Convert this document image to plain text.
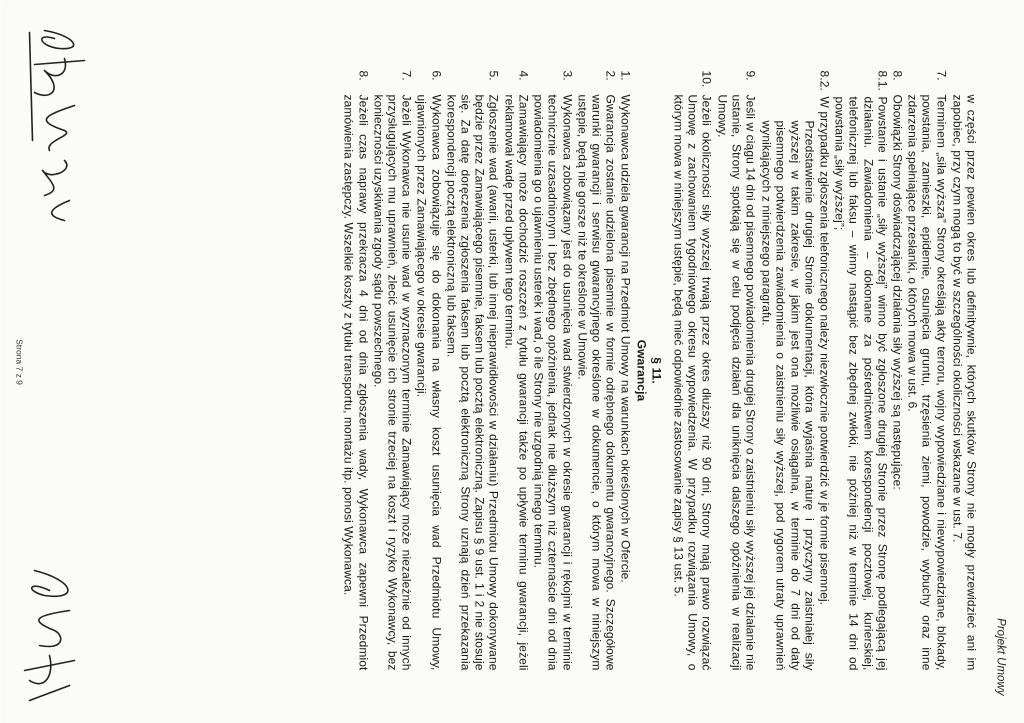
Projekt Umowy

w części przez pewien okres lub definitywnie, których skutków Strony nie mogły przewidzieć ani im zapobiec, przy czym mogą to być w szczególności okoliczności wskazane w ust. 7.

7.
Terminem „siła wyższa” Strony określają akty terroru, wojny wypowiedziane i niewypowiedziane, blokady, powstania, zamieszki, epidemie, osunięcia gruntu, trzęsienia ziemi, powodzie, wybuchy oraz inne zdarzenia spełniające przesłanki, o których mowa w ust. 6.
8.
Obowiązki Strony doświadczającej działania siły wyższej są następujące:
8.1.
Powstanie i ustanie „siły wyższej” winno być zgłoszone drugiej Stronie przez Stronę podlegającą jej działaniu. Zawiadomienia – dokonane za pośrednictwem korespondencji pocztowej, kurierskiej, telefonicznej lub faksu – winny nastąpić bez zbędnej zwłoki, nie później niż w terminie 14 dni od powstania „siły wyższej”;
8.2.
W przypadku zgłoszenia telefonicznego należy niezwłocznie potwierdzić w je formie pisemnej.

Przedstawienie drugiej Stronie dokumentacji, która wyjaśnia naturę i przyczyny zaistniałej siły wyższej w takim zakresie, w jakim jest ona możliwie osiągalna, w terminie do 7 dni od daty pisemnego potwierdzenia zawiadomienia o zaistnieniu siły wyższej, pod rygorem utraty uprawnień wynikających z niniejszego paragrafu.

9.
Jeśli w ciągu 14 dni od pisemnego powiadomienia drugiej Strony o zaistnieniu siły wyższej jej działanie nie ustanie, Strony spotkają się w celu podjęcia działań dla uniknięcia dalszego opóźnienia w realizacji Umowy.
10.
Jeżeli okoliczności siły wyższej trwają przez okres dłuższy niż 90 dni, Strony mają prawo rozwiązać Umowę z zachowaniem tygodniowego okresu wypowiedzenia. W przypadku rozwiązania Umowy, o którym mowa w niniejszym ustępie, będą mieć odpowiednie zastosowanie zapisy § 13 ust. 5.
§ 11.
Gwarancja
1.
Wykonawca udziela gwarancji na Przedmiot Umowy na warunkach określonych w Ofercie.
2.
Gwarancja zostanie udzielona pisemnie w formie odrębnego dokumentu gwarancyjnego. Szczegółowe warunki gwarancji i serwisu gwarancyjnego określone w dokumencie, o którym mowa w niniejszym ustępie, będą nie gorsze niż te określone w Umowie.
3.
Wykonawca zobowiązany jest do usunięcia wad stwierdzonych w okresie gwarancji i rękojmi w terminie technicznie uzasadnionym i bez zbędnego opóźnienia, jednak nie dłuższym niż czternaście dni od dnia powiadomienia go o ujawnieniu usterek i wad, o ile Strony nie uzgodnią innego terminu.
4.
Zamawiający może dochodzić roszczeń z tytułu gwarancji także po upływie terminu gwarancji, jeżeli reklamował wadę przed upływem tego terminu.
5.
Zgłoszenie wad (awarii, usterki, lub innej nieprawidłowości w działaniu) Przedmiotu Umowy dokonywane będzie przez Zamawiającego pisemnie, faksem lub pocztą elektroniczną. Zapisu § 9 ust. 1 i 2 nie stosuje się. Za datę doręczenia zgłoszenia faksem lub pocztą elektroniczną Strony uznają dzień przekazania korespondencji pocztą elektroniczną lub faksem.
6.
Wykonawca zobowiązuje się do dokonania na własny koszt usunięcia wad Przedmiotu Umowy, ujawnionych przez Zamawiającego w okresie gwarancji.
7.
Jeżeli Wykonawca nie usunie wad w wyznaczonym terminie Zamawiający może niezależnie od innych przysługujących mu uprawnień, zlecić usunięcie ich stronie trzeciej na koszt i ryzyko Wykonawcy, bez konieczności uzyskiwania zgody sądu powszechnego.
8.
Jeżeli czas naprawy przekracza 4 dni od dnia zgłoszenia wady, Wykonawca zapewni Przedmiot zamówienia zastępczy. Wszelkie koszty z tytułu transportu, montażu itp. ponosi Wykonawca.
Strona 7 z 9
